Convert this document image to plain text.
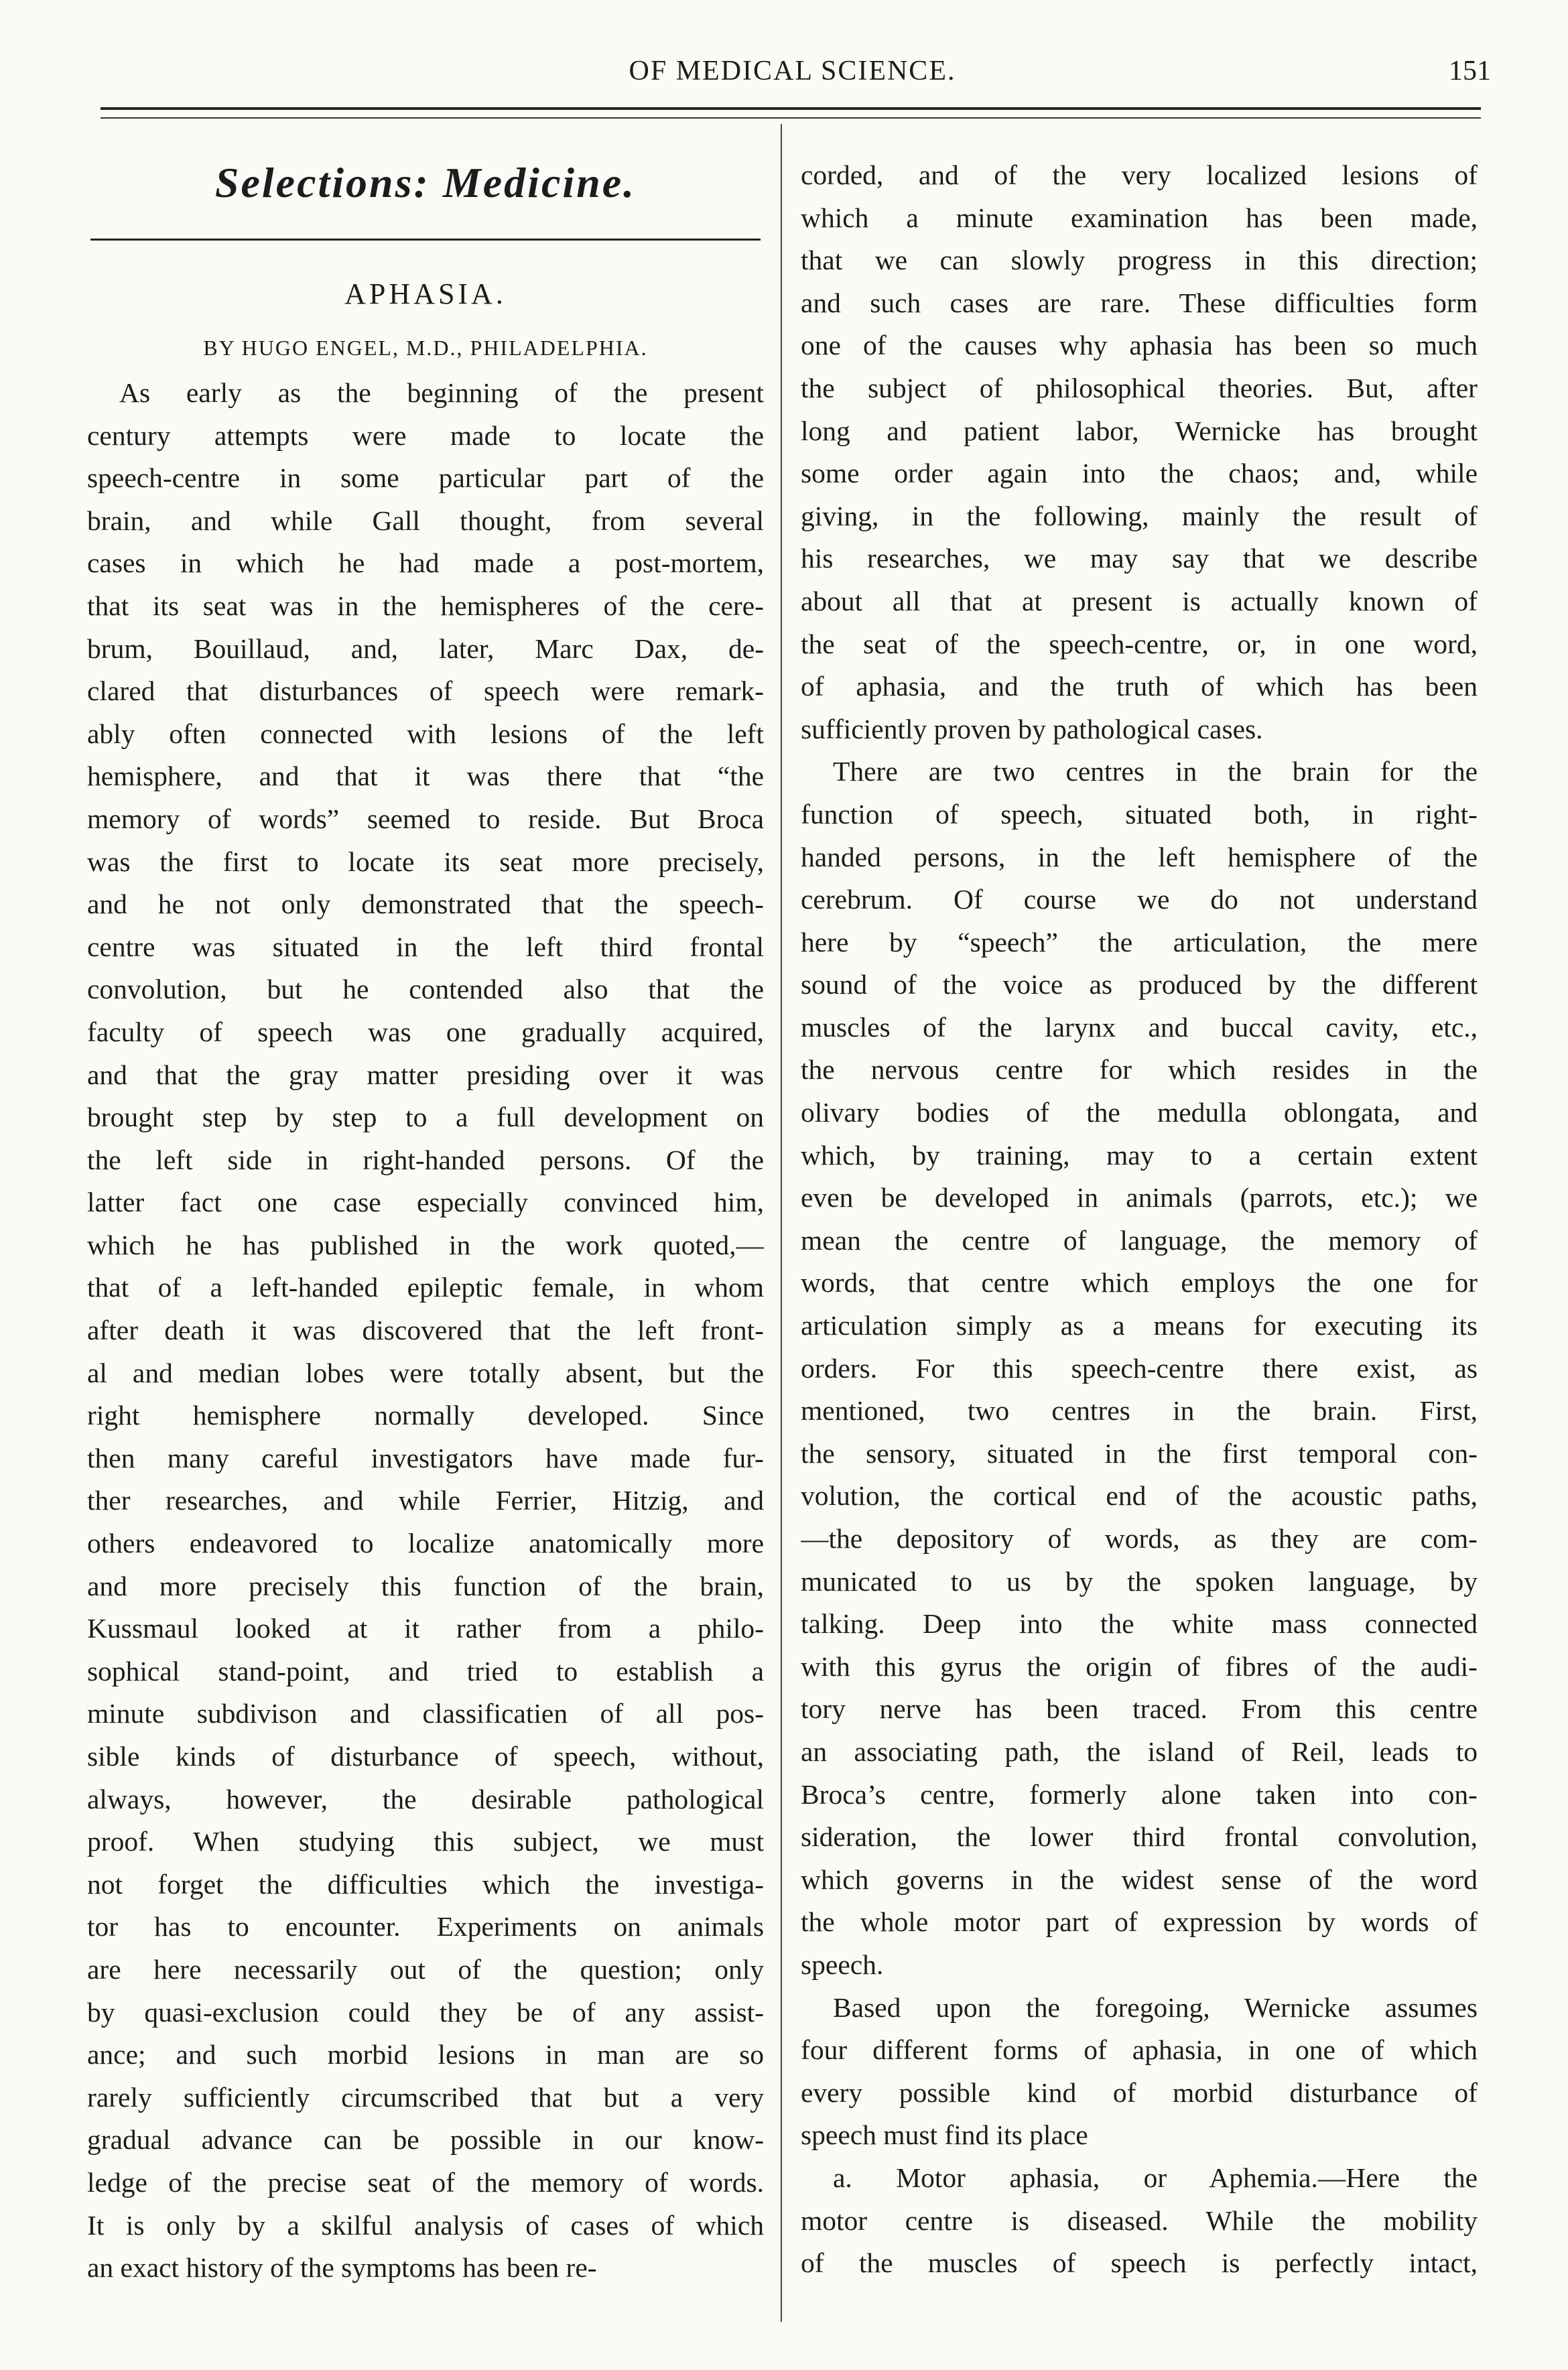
OF MEDICAL SCIENCE.	151
Selections: Medicine.
APHASIA.
BY HUGO ENGEL, M.D., PHILADELPHIA.
As early as the beginning of the present
century attempts were made to locate the
speech-centre in some particular part of the
brain, and while Gall thought, from several
cases in which he had made a post-mortem,
that its seat was in the hemispheres of the cere-
brum, Bouillaud, and, later, Marc Dax, de-
clared that disturbances of speech were remark-
ably often connected with lesions of the left
hemisphere, and that it was there that “the
memory of words” seemed to reside. But Broca
was the first to locate its seat more precisely,
and he not only demonstrated that the speech-
centre was situated in the left third frontal
convolution, but he contended also that the
faculty of speech was one gradually acquired,
and that the gray matter presiding over it was
brought step by step to a full development on
the left side in right-handed persons. Of the
latter fact one case especially convinced him,
which he has published in the work quoted,—
that of a left-handed epileptic female, in whom
after death it was discovered that the left front-
al and median lobes were totally absent, but the
right hemisphere normally developed. Since
then many careful investigators have made fur-
ther researches, and while Ferrier, Hitzig, and
others endeavored to localize anatomically more
and more precisely this function of the brain,
Kussmaul looked at it rather from a philo-
sophical stand-point, and tried to establish a
minute subdivison and classificatien of all pos-
sible kinds of disturbance of speech, without,
always, however, the desirable pathological
proof. When studying this subject, we must
not forget the difficulties which the investiga-
tor has to encounter. Experiments on animals
are here necessarily out of the question; only
by quasi-exclusion could they be of any assist-
ance; and such morbid lesions in man are so
rarely sufficiently circumscribed that but a very
gradual advance can be possible in our know-
ledge of the precise seat of the memory of words.
It is only by a skilful analysis of cases of which
an exact history of the symptoms has been re-
corded, and of the very localized lesions of
which a minute examination has been made,
that we can slowly progress in this direction;
and such cases are rare. These difficulties form
one of the causes why aphasia has been so much
the subject of philosophical theories. But, after
long and patient labor, Wernicke has brought
some order again into the chaos; and, while
giving, in the following, mainly the result of
his researches, we may say that we describe
about all that at present is actually known of
the seat of the speech-centre, or, in one word,
of aphasia, and the truth of which has been
sufficiently proven by pathological cases.
There are two centres in the brain for the
function of speech, situated both, in right-
handed persons, in the left hemisphere of the
cerebrum. Of course we do not understand
here by “speech” the articulation, the mere
sound of the voice as produced by the different
muscles of the larynx and buccal cavity, etc.,
the nervous centre for which resides in the
olivary bodies of the medulla oblongata, and
which, by training, may to a certain extent
even be developed in animals (parrots, etc.); we
mean the centre of language, the memory of
words, that centre which employs the one for
articulation simply as a means for executing its
orders. For this speech-centre there exist, as
mentioned, two centres in the brain. First,
the sensory, situated in the first temporal con-
volution, the cortical end of the acoustic paths,
—the depository of words, as they are com-
municated to us by the spoken language, by
talking. Deep into the white mass connected
with this gyrus the origin of fibres of the audi-
tory nerve has been traced. From this centre
an associating path, the island of Reil, leads to
Broca’s centre, formerly alone taken into con-
sideration, the lower third frontal convolution,
which governs in the widest sense of the word
the whole motor part of expression by words of
speech.
Based upon the foregoing, Wernicke assumes
four different forms of aphasia, in one of which
every possible kind of morbid disturbance of
speech must find its place
a. Motor aphasia, or Aphemia.—Here the
motor centre is diseased. While the mobility
of the muscles of speech is perfectly intact,
